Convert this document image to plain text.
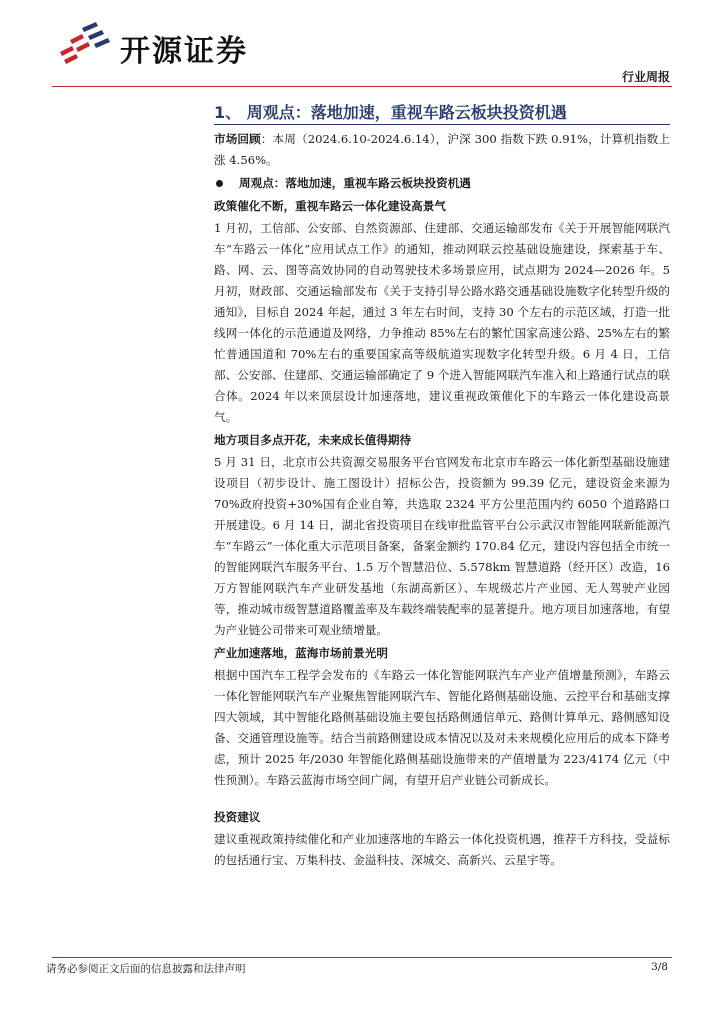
开源证券
行业周报
1、 周观点：落地加速，重视车路云板块投资机遇

市场回顾：本周（2024.6.10-2024.6.14），沪深 300 指数下跌 0.91%，计算机指数上涨 4.56%。

周观点：落地加速，重视车路云板块投资机遇
政策催化不断，重视车路云一体化建设高景气

1 月初，工信部、公安部、自然资源部、住建部、交通运输部发布《关于开展智能网联汽车“车路云一体化”应用试点工作》的通知，推动网联云控基础设施建设，探索基于车、路、网、云、图等高效协同的自动驾驶技术多场景应用，试点期为 2024—2026 年。5 月初，财政部、交通运输部发布《关于支持引导公路水路交通基础设施数字化转型升级的通知》，目标自 2024 年起，通过 3 年左右时间，支持 30 个左右的示范区域，打造一批线网一体化的示范通道及网络，力争推动 85%左右的繁忙国家高速公路、25%左右的繁忙普通国道和 70%左右的重要国家高等级航道实现数字化转型升级。6 月 4 日，工信部、公安部、住建部、交通运输部确定了 9 个进入智能网联汽车准入和上路通行试点的联合体。2024 年以来顶层设计加速落地，建议重视政策催化下的车路云一体化建设高景气。

地方项目多点开花，未来成长值得期待

5 月 31 日，北京市公共资源交易服务平台官网发布北京市车路云一体化新型基础设施建设项目（初步设计、施工图设计）招标公告，投资额为 99.39 亿元，建设资金来源为 70%政府投资+30%国有企业自筹，共选取 2324 平方公里范围内约 6050 个道路路口开展建设。6 月 14 日，湖北省投资项目在线审批监管平台公示武汉市智能网联新能源汽车“车路云”一体化重大示范项目备案，备案金额约 170.84 亿元，建设内容包括全市统一的智能网联汽车服务平台、1.5 万个智慧沿位、5.578km 智慧道路（经开区）改造，16 万方智能网联汽车产业研发基地（东湖高新区）、车规级芯片产业园、无人驾驶产业园等，推动城市级智慧道路覆盖率及车载终端装配率的显著提升。地方项目加速落地，有望为产业链公司带来可观业绩增量。

产业加速落地，蓝海市场前景光明

根据中国汽车工程学会发布的《车路云一体化智能网联汽车产业产值增量预测》，车路云一体化智能网联汽车产业聚焦智能网联汽车、智能化路侧基础设施、云控平台和基础支撑四大领域，其中智能化路侧基础设施主要包括路侧通信单元、路侧计算单元、路侧感知设备、交通管理设施等。结合当前路侧建设成本情况以及对未来规模化应用后的成本下降考虑，预计 2025 年/2030 年智能化路侧基础设施带来的产值增量为 223/4174 亿元（中性预测）。车路云蓝海市场空间广阔，有望开启产业链公司新成长。

投资建议

建议重视政策持续催化和产业加速落地的车路云一体化投资机遇，推荐千方科技，受益标的包括通行宝、万集科技、金溢科技、深城交、高新兴、云星宇等。

请务必参阅正文后面的信息披露和法律声明	3/8
